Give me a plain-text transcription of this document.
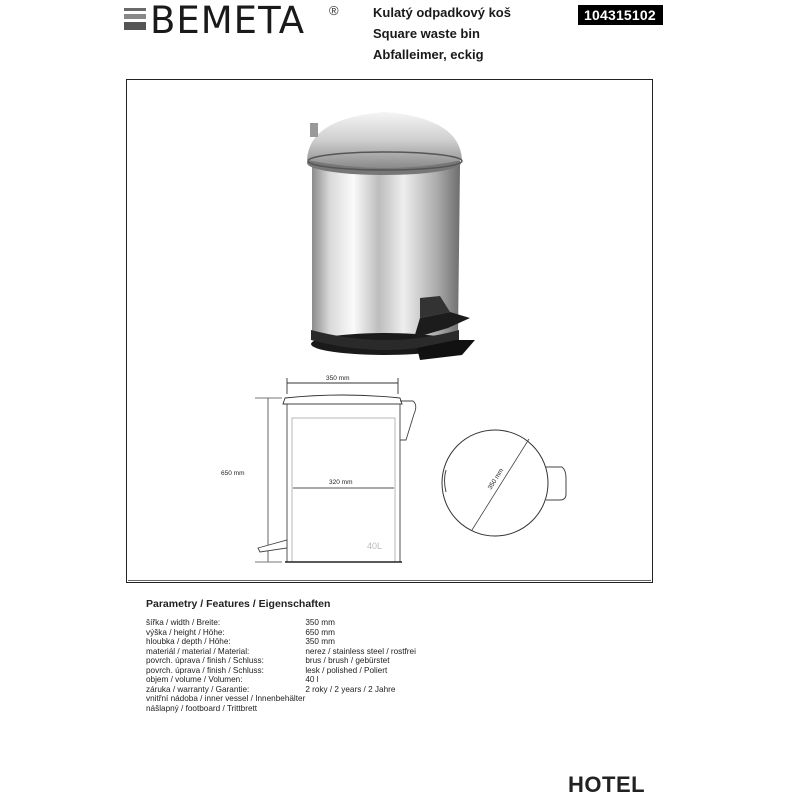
BEMETA ®	Kulatý odpadkový koš
Square waste bin
Abfalleimer, eckig
104315102
350 mm
650 mm
320 mm
40L
350 mm
Parametry / Features / Eigenschaften
šířka / width / Breite:	350 mm
výška / height / Höhe:	650 mm
hloubka / depth / Höhe:	350 mm
materiál / material / Material:	nerez / stainless steel / rostfrei
povrch. úprava / finish / Schluss:	brus / brush / gebürstet
povrch. úprava / finish / Schluss:	lesk / polished / Poliert
objem / volume / Volumen:	40 l
záruka / warranty / Garantie:	2 roky / 2 years / 2 Jahre
vnitřní nádoba / inner vessel / Innenbehälter	
nášlapný / footboard / Trittbrett	
HOTEL
